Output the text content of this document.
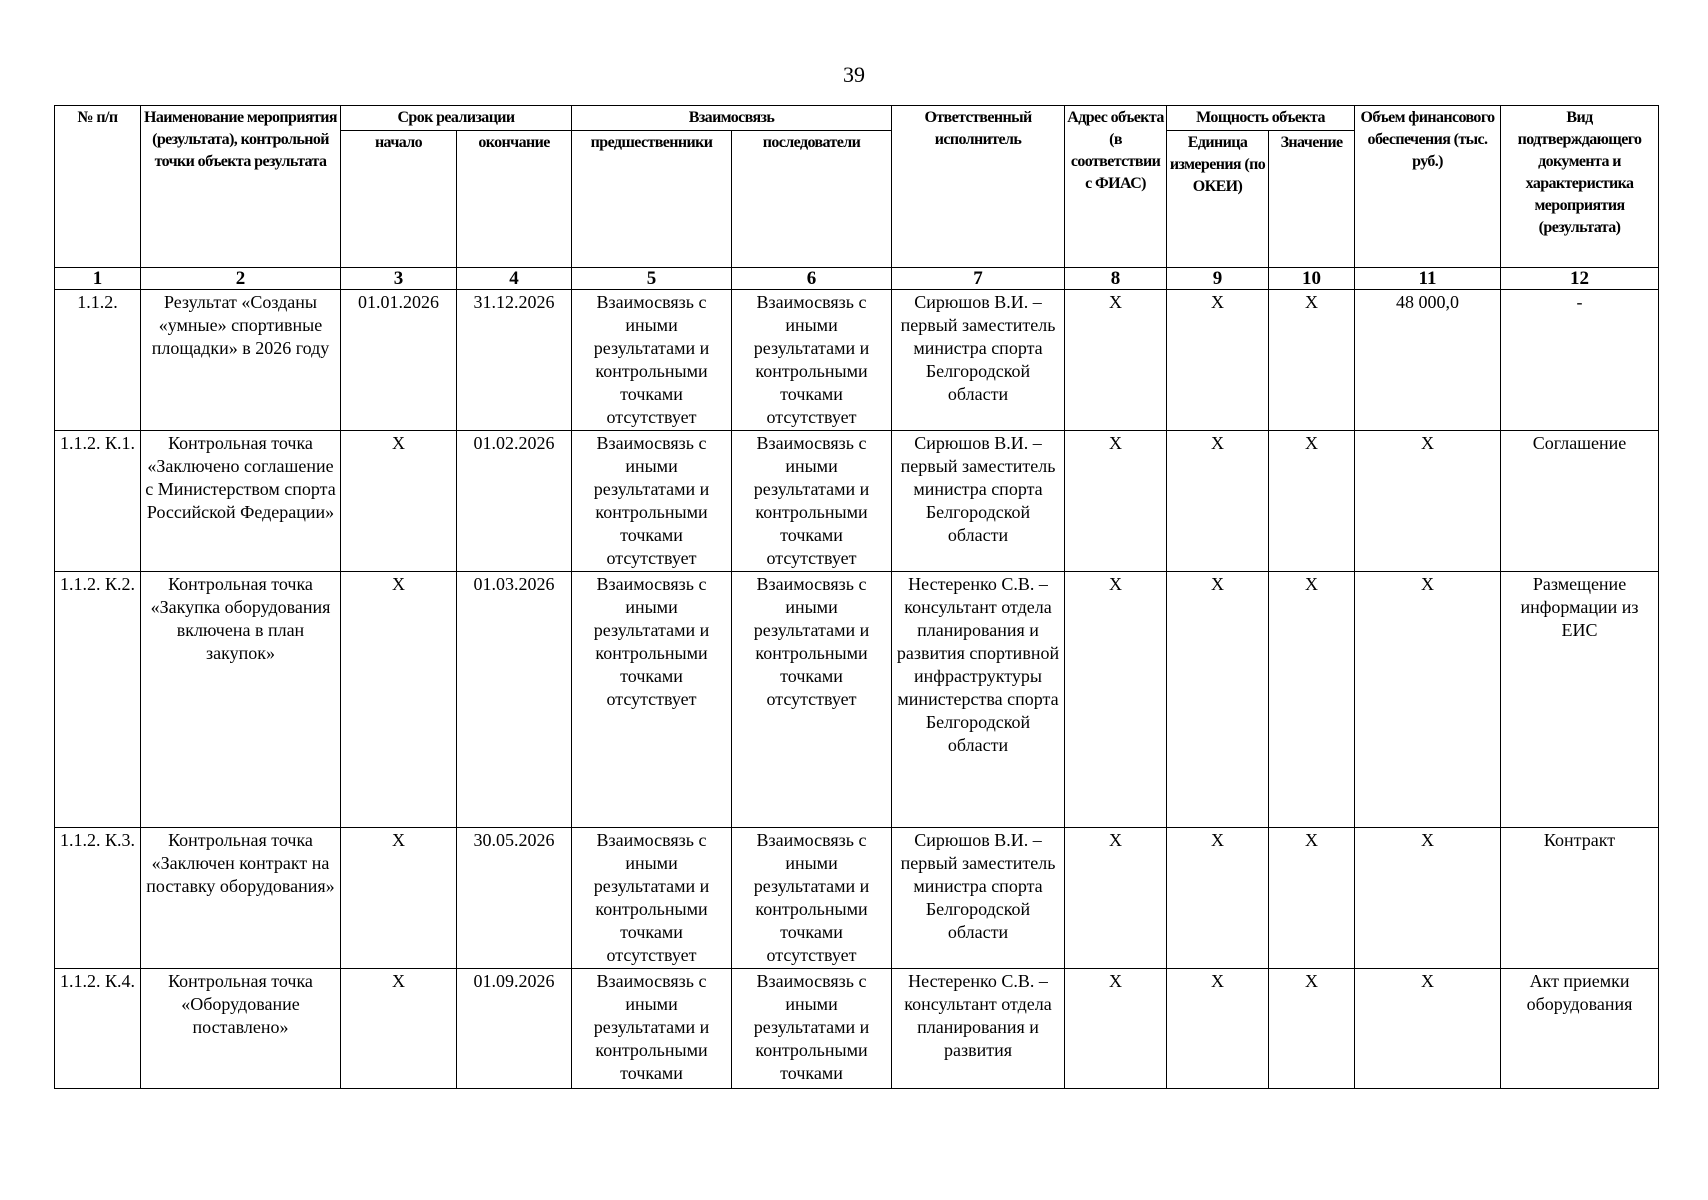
39
№ п/п	Наименование мероприятия (результата), контрольной точки объекта результата	Срок реализации		Взаимосвязь		Ответственный исполнитель	Адрес объекта (в соответствии с ФИАС)	Мощность объекта		Объем финансового обеспечения (тыс. руб.)	Вид подтверждающего документа и характеристика мероприятия (результата)
		начало	окончание	предшественники	последователи			Единица измерения (по ОКЕИ)	Значение		
1	2	3	4	5	6	7	8	9	10	11	12
1.1.2.	Результат «Созданы «умные» спортивные площадки» в 2026 году	01.01.2026	31.12.2026	Взаимосвязь с иными результатами и контрольными точками отсутствует	Взаимосвязь с иными результатами и контрольными точками отсутствует	Сирюшов В.И. – первый заместитель министра спорта Белгородской области	X	X	X	48 000,0	-
1.1.2. К.1.	Контрольная точка «Заключено соглашение с Министерством спорта Российской Федерации»	X	01.02.2026	Взаимосвязь с иными результатами и контрольными точками отсутствует	Взаимосвязь с иными результатами и контрольными точками отсутствует	Сирюшов В.И. – первый заместитель министра спорта Белгородской области	X	X	X	X	Соглашение
1.1.2. К.2.	Контрольная точка «Закупка оборудования включена в план закупок»	X	01.03.2026	Взаимосвязь с иными результатами и контрольными точками отсутствует	Взаимосвязь с иными результатами и контрольными точками отсутствует	Нестеренко С.В. – консультант отдела планирования и развития спортивной инфраструктуры министерства спорта Белгородской области	X	X	X	X	Размещение информации из ЕИС
1.1.2. К.3.	Контрольная точка «Заключен контракт на поставку оборудования»	X	30.05.2026	Взаимосвязь с иными результатами и контрольными точками отсутствует	Взаимосвязь с иными результатами и контрольными точками отсутствует	Сирюшов В.И. – первый заместитель министра спорта Белгородской области	X	X	X	X	Контракт
1.1.2. К.4.	Контрольная точка «Оборудование поставлено»	X	01.09.2026	Взаимосвязь с иными результатами и контрольными точками	Взаимосвязь с иными результатами и контрольными точками	Нестеренко С.В. – консультант отдела планирования и развития	X	X	X	X	Акт приемки оборудования
